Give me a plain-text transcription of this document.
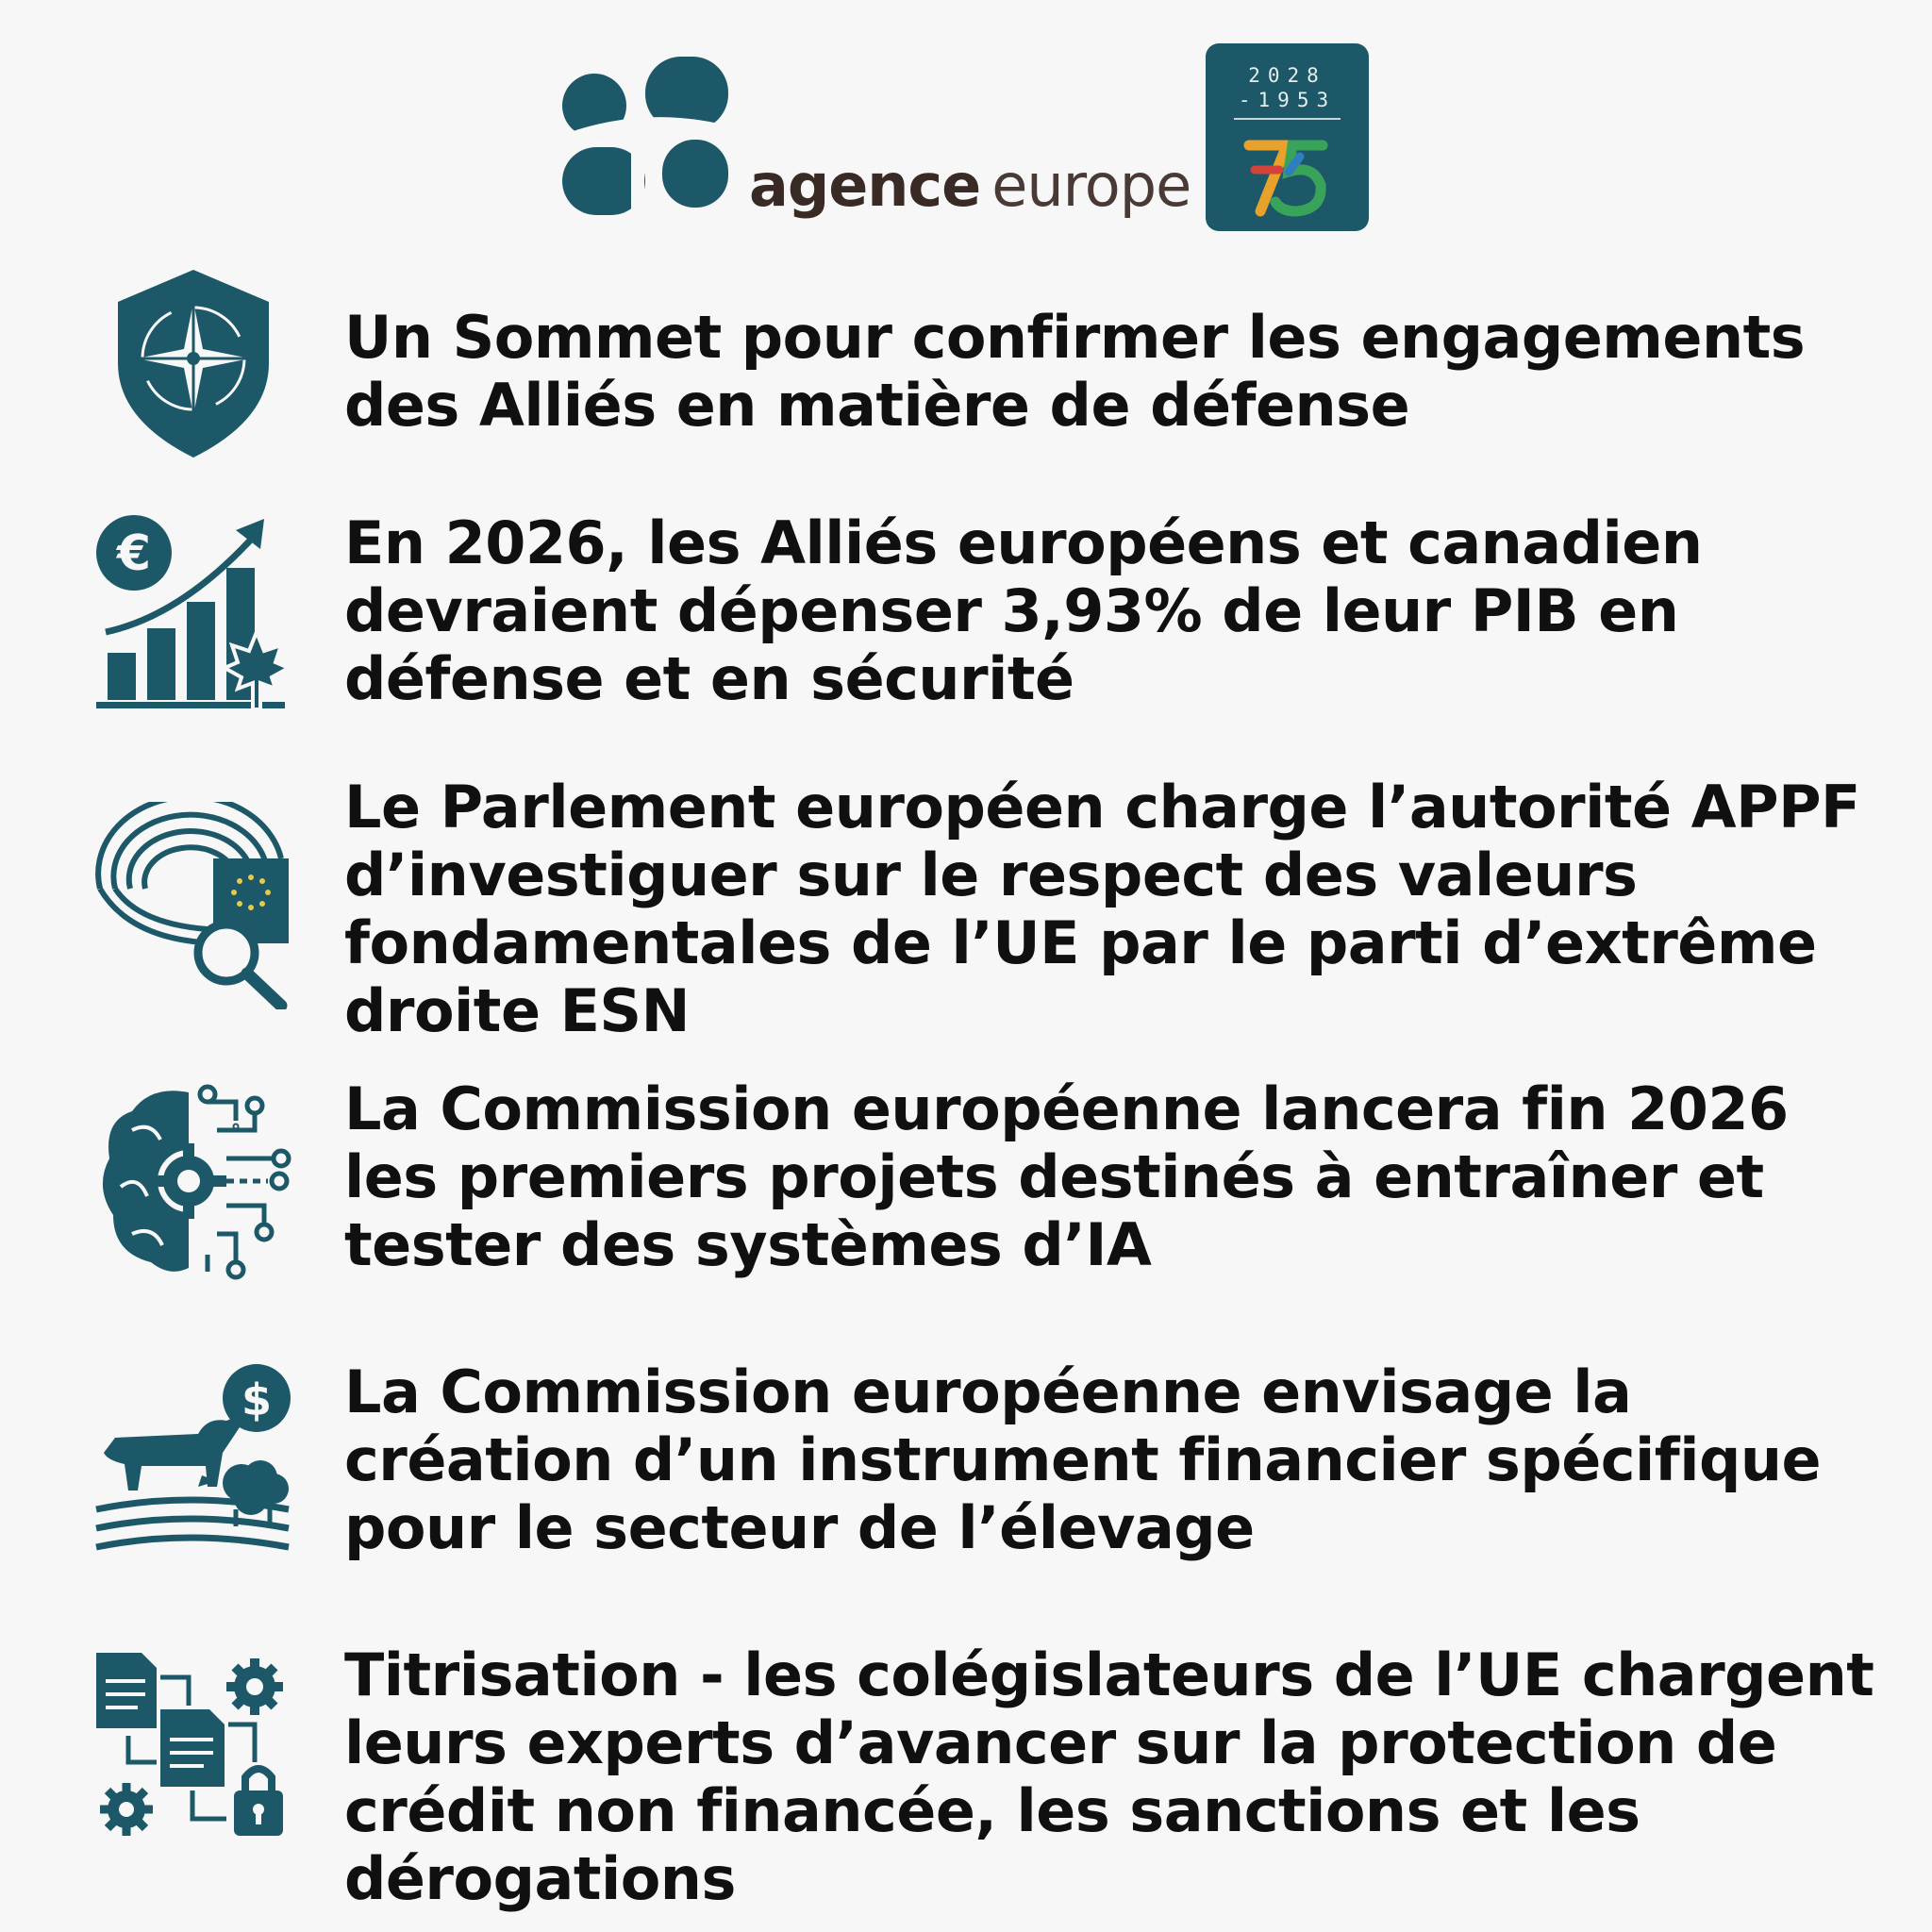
agence europe
2028
-1953
Un Sommet pour confirmer les engagements des Alliés en matière de défense
€	En 2026, les Alliés européens et canadien devraient dépenser 3,93% de leur PIB en défense et en sécurité
Le Parlement européen charge l’autorité APPF d’investiguer sur le respect des valeurs fondamentales de l’UE par le parti d’extrême droite ESN
La Commission européenne lancera fin 2026 les premiers projets destinés à entraîner et tester des systèmes d’IA
$ La Commission européenne envisage la création d’un instrument financier spécifique pour le secteur de l’élevage
Titrisation - les colégislateurs de l’UE chargent leurs experts d’avancer sur la protection de crédit non financée, les sanctions et les dérogations
